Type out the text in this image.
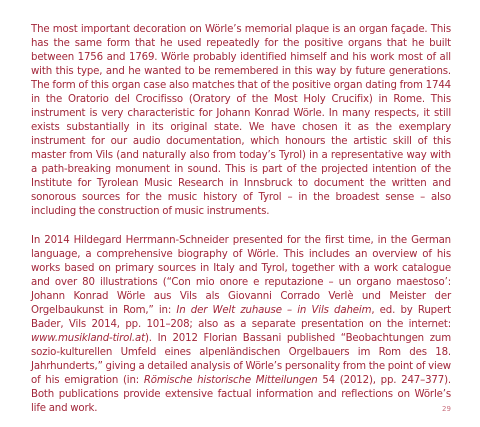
The most important decoration on Wörle’s memorial plaque is an organ façade. This has the same form that he used repeatedly for the positive organs that he built between 1756 and 1769. Wörle probably identified himself and his work most of all with this type, and he wanted to be remembered in this way by future generations. The form of this organ case also matches that of the positive organ dating from 1744 in the Oratorio del Crocifisso (Oratory of the Most Holy Crucifix) in Rome. This instrument is very characteristic for Johann Konrad Wörle. In many respects, it still exists substantially in its original state. We have chosen it as the exemplary instrument for our audio documentation, which honours the artistic skill of this master from Vils (and naturally also from today’s Tyrol) in a representative way with a path-breaking monument in sound. This is part of the projected intention of the Institute for Tyrolean Music Research in Innsbruck to document the written and sonorous sources for the music history of Tyrol – in the broadest sense – also including the construction of music instruments.

In 2014 Hildegard Herrmann-Schneider presented for the first time, in the German language, a comprehensive biography of Wörle. This includes an overview of his works based on primary sources in Italy and Tyrol, together with a work catalogue and over 80 illustrations (“Con mio onore e reputazione – un organo maestoso’: Johann Konrad Wörle aus Vils als Giovanni Corrado Verlè und Meister der Orgelbaukunst in Rom,” in: In der Welt zuhause – in Vils daheim, ed. by Rupert Bader, Vils 2014, pp. 101–208; also as a separate presentation on the internet: www.musikland-tirol.at). In 2012 Florian Bassani published “Beobachtungen zum sozio-kulturellen Umfeld eines alpenländischen Orgelbauers im Rom des 18. Jahrhunderts,” giving a detailed analysis of Wörle’s personality from the point of view of his emigration (in: Römische historische Mitteilungen 54 (2012), pp. 247–377). Both publications provide extensive factual information and reflections on Wörle’s life and work.	29
